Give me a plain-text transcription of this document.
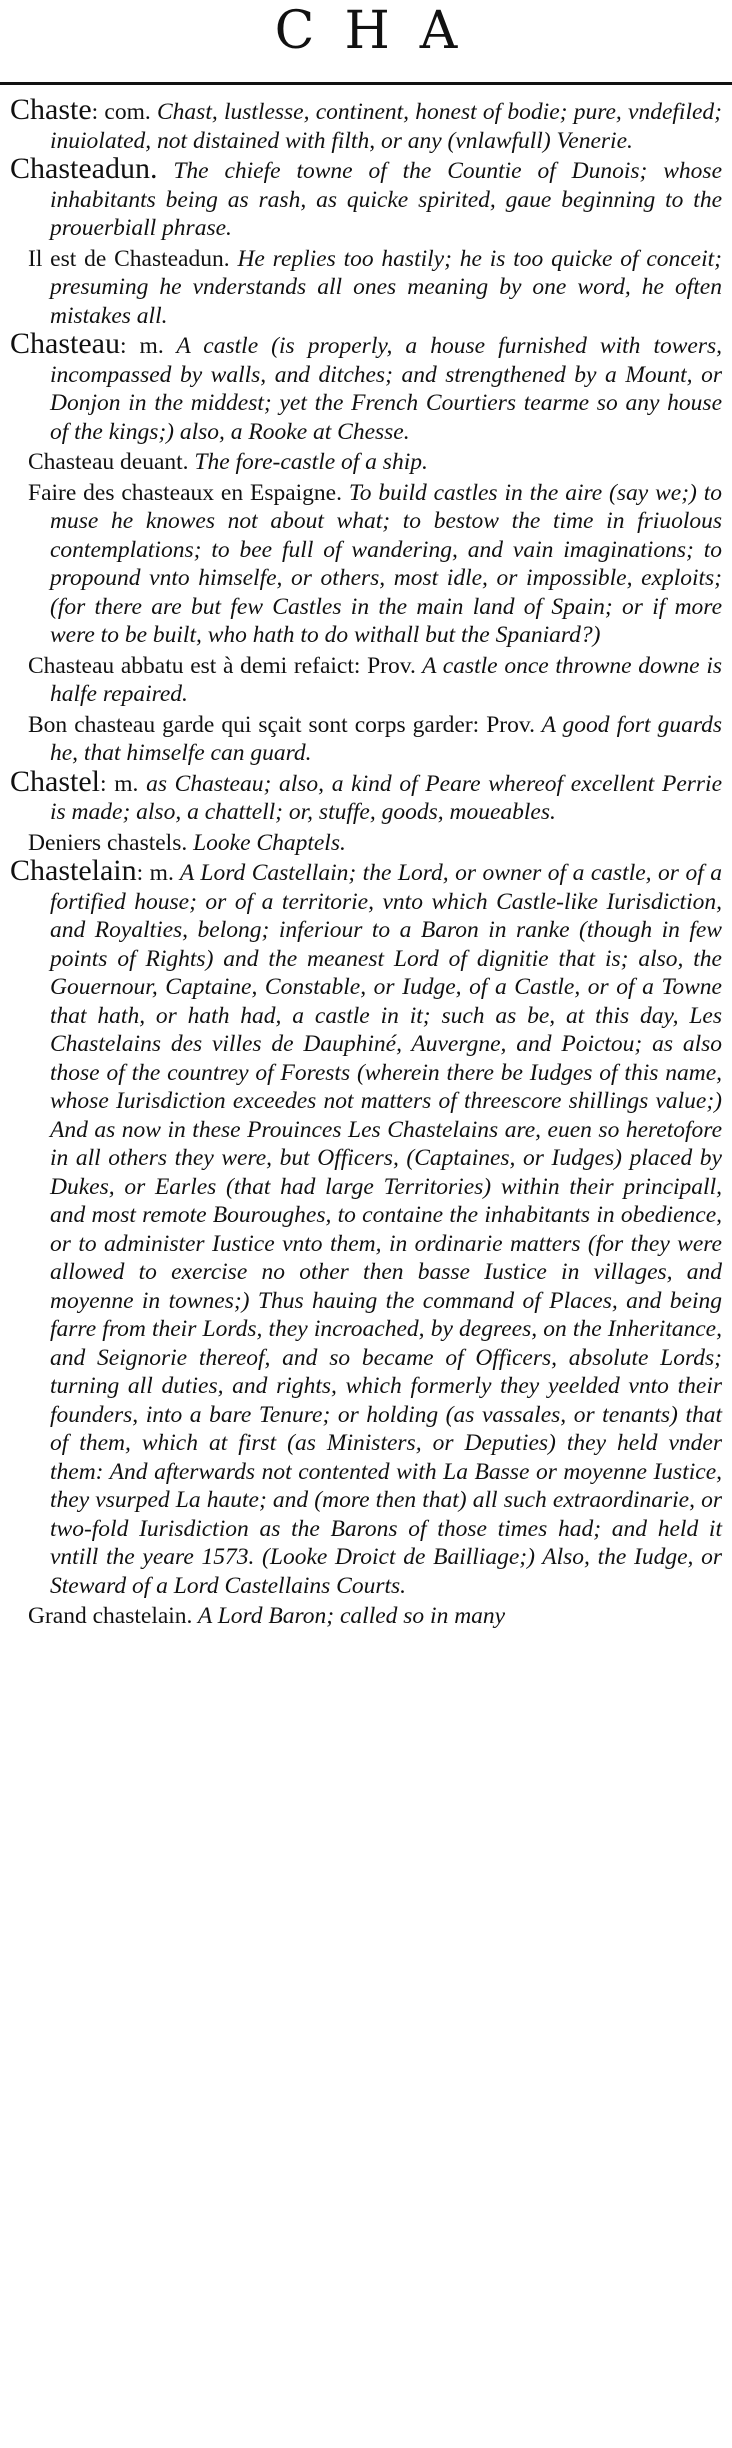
CHA

Chaste: com. Chast, lustlesse, continent, honest of bodie; pure, vndefiled; inuiolated, not distained with filth, or any (vnlawfull) Venerie.

Chasteadun. The chiefe towne of the Countie of Dunois; whose inhabitants being as rash, as quicke spirited, gaue beginning to the prouerbiall phrase.

Il est de Chasteadun. He replies too hastily; he is too quicke of conceit; presuming he vnderstands all ones meaning by one word, he often mistakes all.

Chasteau: m. A castle (is properly, a house furnished with towers, incompassed by walls, and ditches; and strengthened by a Mount, or Donjon in the middest; yet the French Courtiers tearme so any house of the kings;) also, a Rooke at Chesse.

Chasteau deuant. The fore-castle of a ship.

Faire des chasteaux en Espaigne. To build castles in the aire (say we;) to muse he knowes not about what; to bestow the time in friuolous contemplations; to bee full of wandering, and vain imaginations; to propound vnto himselfe, or others, most idle, or impossible, exploits; (for there are but few Castles in the main land of Spain; or if more were to be built, who hath to do withall but the Spaniard?)

Chasteau abbatu est à demi refaict: Prov. A castle once throwne downe is halfe repaired.

Bon chasteau garde qui sçait sont corps garder: Prov. A good fort guards he, that himselfe can guard.

Chastel: m. as Chasteau; also, a kind of Peare whereof excellent Perrie is made; also, a chattell; or, stuffe, goods, moueables.

Deniers chastels. Looke Chaptels.

Chastelain: m. A Lord Castellain; the Lord, or owner of a castle, or of a fortified house; or of a territorie, vnto which Castle-like Iurisdiction, and Royalties, belong; inferiour to a Baron in ranke (though in few points of Rights) and the meanest Lord of dignitie that is; also, the Gouernour, Captaine, Constable, or Iudge, of a Castle, or of a Towne that hath, or hath had, a castle in it; such as be, at this day, Les Chastelains des villes de Dauphiné, Auvergne, and Poictou; as also those of the countrey of Forests (wherein there be Iudges of this name, whose Iurisdiction exceedes not matters of threescore shillings value;) And as now in these Prouinces Les Chastelains are, euen so heretofore in all others they were, but Officers, (Captaines, or Iudges) placed by Dukes, or Earles (that had large Territories) within their principall, and most remote Bouroughes, to containe the inhabitants in obedience, or to administer Iustice vnto them, in ordinarie matters (for they were allowed to exercise no other then basse Iustice in villages, and moyenne in townes;) Thus hauing the command of Places, and being farre from their Lords, they incroached, by degrees, on the Inheritance, and Seignorie thereof, and so became of Officers, absolute Lords; turning all duties, and rights, which formerly they yeelded vnto their founders, into a bare Tenure; or holding (as vassales, or tenants) that of them, which at first (as Ministers, or Deputies) they held vnder them: And afterwards not contented with La Basse or moyenne Iustice, they vsurped La haute; and (more then that) all such extraordinarie, or two-fold Iurisdiction as the Barons of those times had; and held it vntill the yeare 1573. (Looke Droict de Bailliage;) Also, the Iudge, or Steward of a Lord Castellains Courts.

Grand chastelain. A Lord Baron; called so in many
